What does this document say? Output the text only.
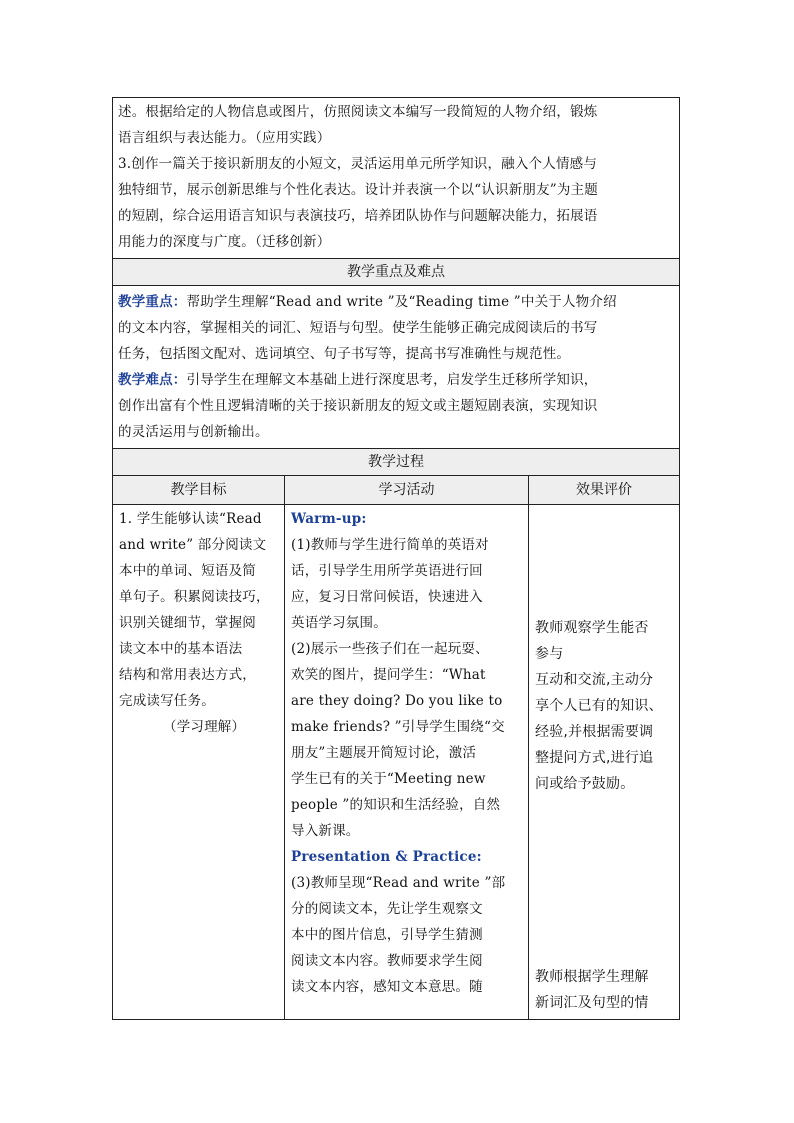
述。根据给定的人物信息或图片，仿照阅读文本编写一段简短的人物介绍，锻炼
语言组织与表达能力。（应用实践）
3.创作一篇关于接识新朋友的小短文，灵活运用单元所学知识，融入个人情感与
独特细节，展示创新思维与个性化表达。设计并表演一个以“认识新朋友”为主题
的短剧，综合运用语言知识与表演技巧，培养团队协作与问题解决能力，拓展语
用能力的深度与广度。（迁移创新）
教学重点及难点
教学重点：帮助学生理解“Read and write ”及“Reading time ”中关于人物介绍
的文本内容，掌握相关的词汇、短语与句型。使学生能够正确完成阅读后的书写
任务，包括图文配对、选词填空、句子书写等，提高书写准确性与规范性。
教学难点：引导学生在理解文本基础上进行深度思考，启发学生迁移所学知识，
创作出富有个性且逻辑清晰的关于接识新朋友的短文或主题短剧表演，实现知识
的灵活运用与创新输出。
教学过程
教学目标	学习活动	效果评价
1. 学生能够认读“Read
and write” 部分阅读文
本中的单词、短语及简
单句子。积累阅读技巧，
识别关键细节，掌握阅
读文本中的基本语法
结构和常用表达方式，
完成读写任务。
（学习理解）
Warm-up:
(1)教师与学生进行简单的英语对
话，引导学生用所学英语进行回
应，复习日常问候语，快速进入
英语学习氛围。
(2)展示一些孩子们在一起玩耍、
欢笑的图片，提问学生：“What
are they doing? Do you like to
make friends? ”引导学生围绕“交
朋友”主题展开简短讨论，激活
学生已有的关于“Meeting new
people ”的知识和生活经验，自然
导入新课。
Presentation & Practice:
(3)教师呈现“Read and write ”部
分的阅读文本，先让学生观察文
本中的图片信息，引导学生猜测
阅读文本内容。教师要求学生阅
读文本内容，感知文本意思。随
教师观察学生能否
参与
互动和交流,主动分
享个人已有的知识、
经验,并根据需要调
整提问方式,进行追
问或给予鼓励。
教师根据学生理解
新词汇及句型的情
